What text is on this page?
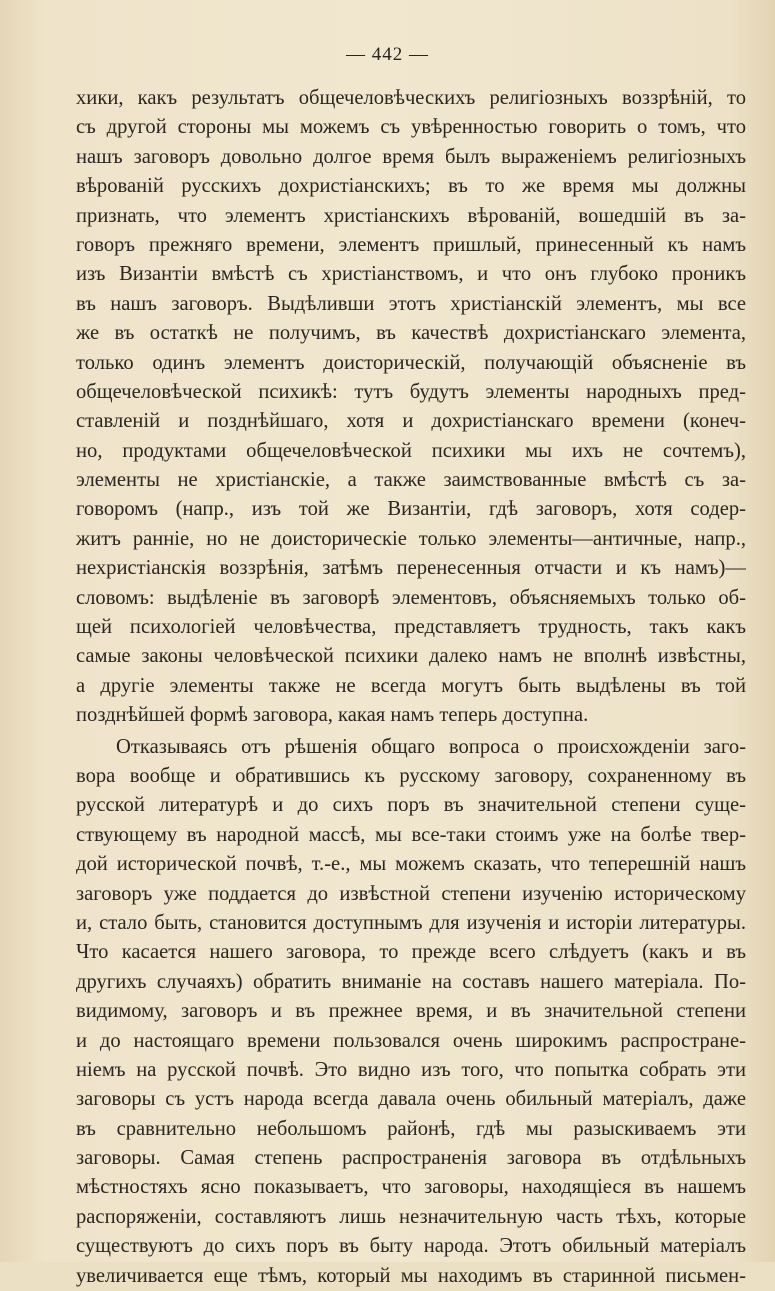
— 442 —
хики, какъ результатъ общечеловѣческихъ религіозныхъ воззрѣній, то
съ другой стороны мы можемъ съ увѣренностью говорить о томъ, что
нашъ заговоръ довольно долгое время былъ выраженіемъ религіозныхъ
вѣрованій русскихъ дохристіанскихъ; въ то же время мы должны
признать, что элементъ христіанскихъ вѣрованій, вошедшій въ за-
говоръ прежняго времени, элементъ пришлый, принесенный къ намъ
изъ Византіи вмѣстѣ съ христіанствомъ, и что онъ глубоко проникъ
въ нашъ заговоръ. Выдѣливши этотъ христіанскій элементъ, мы все
же въ остаткѣ не получимъ, въ качествѣ дохристіанскаго элемента,
только одинъ элементъ доисторическій, получающій объясненіе въ
общечеловѣческой психикѣ: тутъ будутъ элементы народныхъ пред-
ставленій и позднѣйшаго, хотя и дохристіанскаго времени (конеч-
но, продуктами общечеловѣческой психики мы ихъ не сочтемъ),
элементы не христіанскіе, а также заимствованные вмѣстѣ съ за-
говоромъ (напр., изъ той же Византіи, гдѣ заговоръ, хотя содер-
житъ ранніе, но не доисторическіе только элементы—античные, напр.,
нехристіанскія воззрѣнія, затѣмъ перенесенныя отчасти и къ намъ)—
словомъ: выдѣленіе въ заговорѣ элементовъ, объясняемыхъ только об-
щей психологіей человѣчества, представляетъ трудность, такъ какъ
самые законы человѣческой психики далеко намъ не вполнѣ извѣстны,
а другіе элементы также не всегда могутъ быть выдѣлены въ той
позднѣйшей формѣ заговора, какая намъ теперь доступна.
Отказываясь отъ рѣшенія общаго вопроса о происхожденіи заго-
вора вообще и обратившись къ русскому заговору, сохраненному въ
русской литературѣ и до сихъ поръ въ значительной степени суще-
ствующему въ народной массѣ, мы все-таки стоимъ уже на болѣе твер-
дой исторической почвѣ, т.-е., мы можемъ сказать, что теперешній нашъ
заговоръ уже поддается до извѣстной степени изученію историческому
и, стало быть, становится доступнымъ для изученія и исторіи литературы.
Что касается нашего заговора, то прежде всего слѣдуетъ (какъ и въ
другихъ случаяхъ) обратить вниманіе на составъ нашего матеріала. По-
видимому, заговоръ и въ прежнее время, и въ значительной степени
и до настоящаго времени пользовался очень широкимъ распростране-
ніемъ на русской почвѣ. Это видно изъ того, что попытка собрать эти
заговоры съ устъ народа всегда давала очень обильный матеріалъ, даже
въ сравнительно небольшомъ районѣ, гдѣ мы разыскиваемъ эти
заговоры. Самая степень распространенія заговора въ отдѣльныхъ
мѣстностяхъ ясно показываетъ, что заговоры, находящіеся въ нашемъ
распоряженіи, составляютъ лишь незначительную часть тѣхъ, которые
существуютъ до сихъ поръ въ быту народа. Этотъ обильный матеріалъ
увеличивается еще тѣмъ, который мы находимъ въ старинной письмен-
